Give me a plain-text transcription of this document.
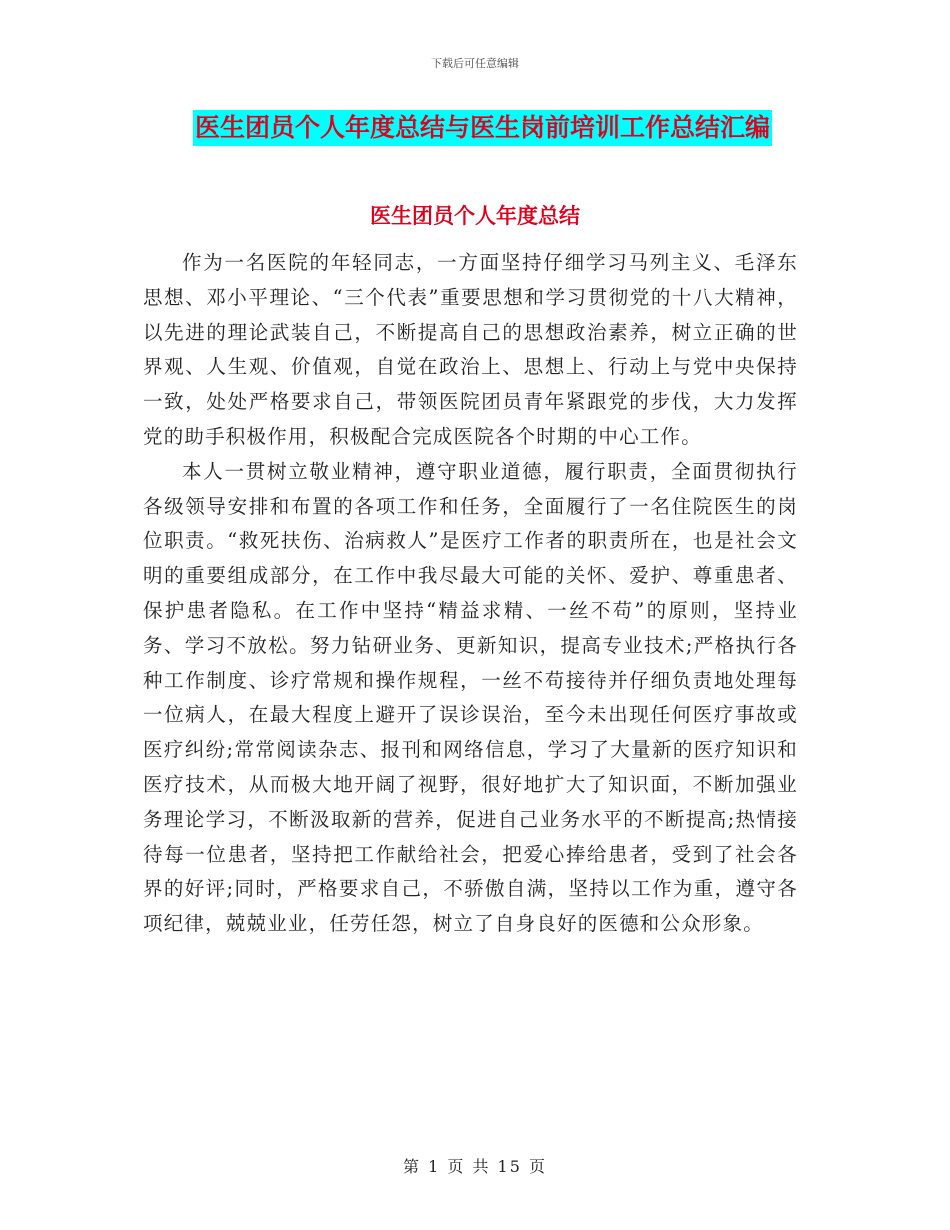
下载后可任意编辑
医生团员个人年度总结与医生岗前培训工作总结汇编
医生团员个人年度总结

作为一名医院的年轻同志，一方面坚持仔细学习马列主义、毛泽东思想、邓小平理论、“三个代表”重要思想和学习贯彻党的十八大精神，以先进的理论武装自己，不断提高自己的思想政治素养，树立正确的世界观、人生观、价值观，自觉在政治上、思想上、行动上与党中央保持一致，处处严格要求自己，带领医院团员青年紧跟党的步伐，大力发挥党的助手积极作用，积极配合完成医院各个时期的中心工作。

本人一贯树立敬业精神，遵守职业道德，履行职责，全面贯彻执行各级领导安排和布置的各项工作和任务，全面履行了一名住院医生的岗位职责。“救死扶伤、治病救人”是医疗工作者的职责所在，也是社会文明的重要组成部分，在工作中我尽最大可能的关怀、爱护、尊重患者、保护患者隐私。在工作中坚持“精益求精、一丝不苟”的原则，坚持业务、学习不放松。努力钻研业务、更新知识，提高专业技术;严格执行各种工作制度、诊疗常规和操作规程，一丝不苟接待并仔细负责地处理每一位病人，在最大程度上避开了误诊误治，至今未出现任何医疗事故或医疗纠纷;常常阅读杂志、报刊和网络信息，学习了大量新的医疗知识和医疗技术，从而极大地开阔了视野，很好地扩大了知识面，不断加强业务理论学习，不断汲取新的营养，促进自己业务水平的不断提高;热情接待每一位患者，坚持把工作献给社会，把爱心捧给患者，受到了社会各界的好评;同时，严格要求自己，不骄傲自满，坚持以工作为重，遵守各项纪律，兢兢业业，任劳任怨，树立了自身良好的医德和公众形象。

第 1 页 共 15 页
